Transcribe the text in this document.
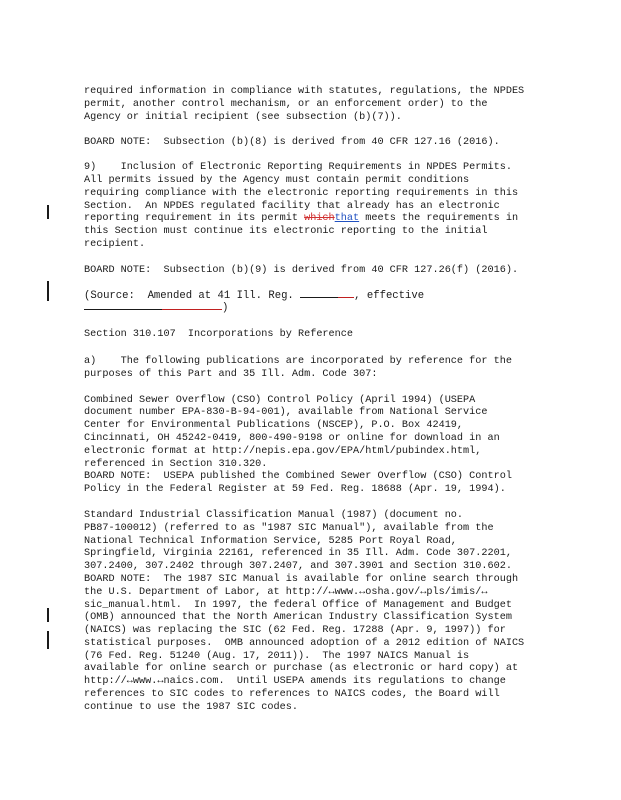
required information in compliance with statutes, regulations, the NPDES
permit, another control mechanism, or an enforcement order) to the
Agency or initial recipient (see subsection (b)(7)).
BOARD NOTE:  Subsection (b)(8) is derived from 40 CFR 127.16 (2016).
9)    Inclusion of Electronic Reporting Requirements in NPDES Permits.
All permits issued by the Agency must contain permit conditions
requiring compliance with the electronic reporting requirements in this
Section.  An NPDES regulated facility that already has an electronic
reporting requirement in its permit whichthat meets the requirements in
this Section must continue its electronic reporting to the initial
recipient.
BOARD NOTE:  Subsection (b)(9) is derived from 40 CFR 127.26(f) (2016).
(Source:  Amended at 41 Ill. Reg.	, effective
)
Section 310.107  Incorporations by Reference
a)    The following publications are incorporated by reference for the
purposes of this Part and 35 Ill. Adm. Code 307:
Combined Sewer Overflow (CSO) Control Policy (April 1994) (USEPA
document number EPA-830-B-94-001), available from National Service
Center for Environmental Publications (NSCEP), P.O. Box 42419,
Cincinnati, OH 45242-0419, 800-490-9198 or online for download in an
electronic format at http://nepis.epa.gov/EPA/html/pubindex.html,
referenced in Section 310.320.
BOARD NOTE:  USEPA published the Combined Sewer Overflow (CSO) Control
Policy in the Federal Register at 59 Fed. Reg. 18688 (Apr. 19, 1994).
Standard Industrial Classification Manual (1987) (document no.
PB87-100012) (referred to as "1987 SIC Manual"), available from the
National Technical Information Service, 5285 Port Royal Road,
Springfield, Virginia 22161, referenced in 35 Ill. Adm. Code 307.2201,
307.2400, 307.2402 through 307.2407, and 307.3901 and Section 310.602.
BOARD NOTE:  The 1987 SIC Manual is available for online search through
the U.S. Department of Labor, at http://↔www.↔osha.gov/↔pls/imis/↔
sic_manual.html.  In 1997, the federal Office of Management and Budget
(OMB) announced that the North American Industry Classification System
(NAICS) was replacing the SIC (62 Fed. Reg. 17288 (Apr. 9, 1997)) for
statistical purposes.  OMB announced adoption of a 2012 edition of NAICS
(76 Fed. Reg. 51240 (Aug. 17, 2011)).  The 1997 NAICS Manual is
available for online search or purchase (as electronic or hard copy) at
http://↔www.↔naics.com.  Until USEPA amends its regulations to change
references to SIC codes to references to NAICS codes, the Board will
continue to use the 1987 SIC codes.
